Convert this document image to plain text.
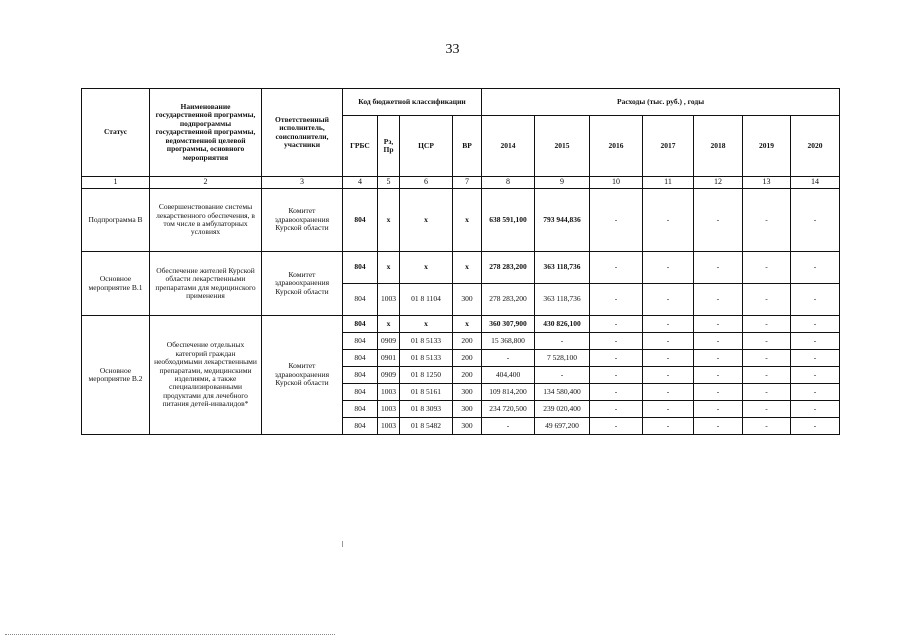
33
Статус	Наименование государственной программы, подпрограммы государственной программы, ведомственной целевой программы, основного мероприятия	Ответственный исполнитель, соисполнители, участники	Код бюджетной классификации				Расходы (тыс. руб.) , годы						
			ГРБС	Рз, Пр	ЦСР	ВР	2014	2015	2016	2017	2018	2019	2020
1	2	3	4	5	6	7	8	9	10	11	12	13	14
Подпрограмма В	Совершенствование системы лекарственного обеспечения, в том числе в амбулаторных условиях	Комитет здравоохранения Курской области	804	х	х	х	638 591,100	793 944,836	-	-	-	-	-
Основное мероприятие В.1	Обеспечение жителей Курской области лекарственными препаратами для медицинского применения	Комитет здравоохранения Курской области	804	х	х	х	278 283,200	363 118,736	-	-	-	-	-
			804	1003	01 8 1104	300	278 283,200	363 118,736	-	-	-	-	-
Основное мероприятие В.2	Обеспечение отдельных категорий граждан необходимыми лекарственными препаратами, медицинскими изделиями, а также специализированными продуктами для лечебного питания детей-инвалидов*	Комитет здравоохранения Курской области	804	х	х	х	360 307,900	430 826,100	-	-	-	-	-
			804	0909	01 8 5133	200	15 368,800	-	-	-	-	-	-
			804	0901	01 8 5133	200	-	7 528,100	-	-	-	-	-
			804	0909	01 8 1250	200	404,400	-	-	-	-	-	-
			804	1003	01 8 5161	300	109 814,200	134 580,400	-	-	-	-	-
			804	1003	01 8 3093	300	234 720,500	239 020,400	-	-	-	-	-
			804	1003	01 8 5482	300	-	49 697,200	-	-	-	-	-
